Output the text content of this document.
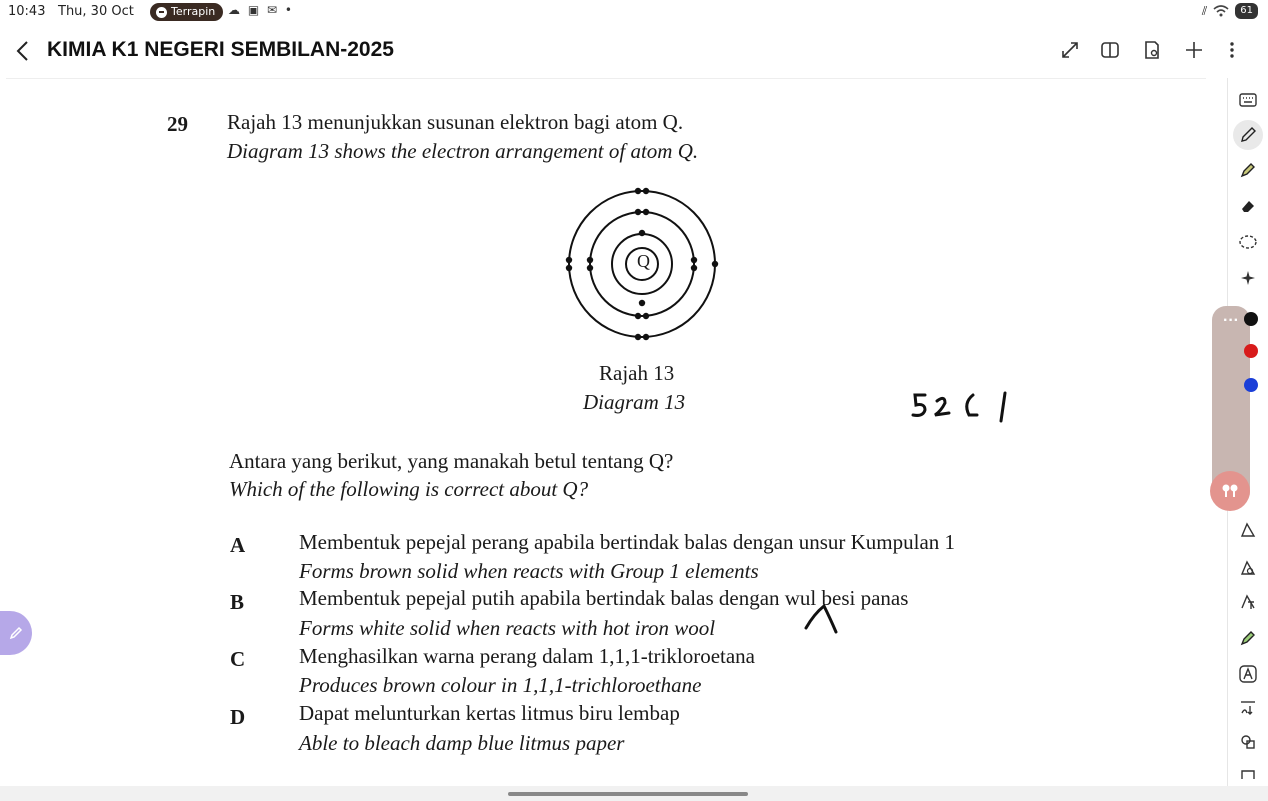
10:43 Thu, 30 Oct	Terrapin ☁ ▣ ✉ •	⫽	61
KIMIA K1 NEGERI SEMBILAN-2025
29 Rajah 13 menunjukkan susunan elektron bagi atom Q.
Diagram 13 shows the electron arrangement of atom Q.
Q
Rajah 13
Diagram 13
Antara yang berikut, yang manakah betul tentang Q?
Which of the following is correct about Q?
A	Membentuk pepejal perang apabila bertindak balas dengan unsur Kumpulan 1
Forms brown solid when reacts with Group 1 elements
B	Membentuk pepejal putih apabila bertindak balas dengan wul besi panas
Forms white solid when reacts with hot iron wool
C	Menghasilkan warna perang dalam 1,1,1-trikloroetana
Produces brown colour in 1,1,1-trichloroethane
D	Dapat melunturkan kertas litmus biru lembap
Able to bleach damp blue litmus paper
···
